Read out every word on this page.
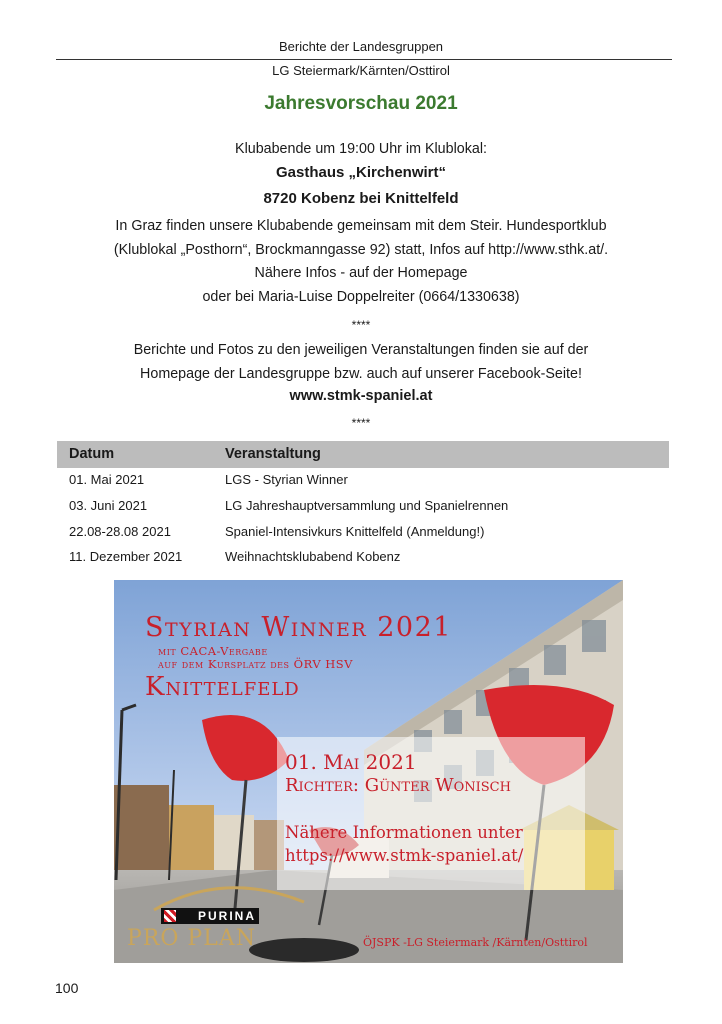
Berichte der Landesgruppen
LG Steiermark/Kärnten/Osttirol
Jahresvorschau 2021
Klubabende um 19:00 Uhr im Klublokal:
Gasthaus „Kirchenwirt“
8720 Kobenz bei Knittelfeld
In Graz finden unsere Klubabende gemeinsam mit dem Steir. Hundesportklub
(Klublokal „Posthorn“, Brockmanngasse 92) statt, Infos auf http://www.sthk.at/.
Nähere Infos - auf der Homepage
oder bei Maria-Luise Doppelreiter (0664/1330638)
****
Berichte und Fotos zu den jeweiligen Veranstaltungen finden sie auf der
Homepage der Landesgruppe bzw. auch auf unserer Facebook-Seite!
www.stmk-spaniel.at
****
Datum	Veranstaltung
01. Mai 2021	LGS - Styrian Winner
03. Juni 2021	LG Jahreshauptversammlung und Spanielrennen
22.08-28.08 2021	Spaniel-Intensivkurs Knittelfeld (Anmeldung!)
11. Dezember 2021	Weihnachtsklubabend Kobenz
Styrian Winner 2021
mit CACA-Vergabe
auf dem Kursplatz des ÖRV HSV
Knittelfeld
01. Mai 2021
Richter: Günter Wonisch
Nähere Informationen unter
https://www.stmk-spaniel.at/
PURINA
PRO PLAN	ÖJSPK -LG Steiermark /Kärnten/Osttirol
100
